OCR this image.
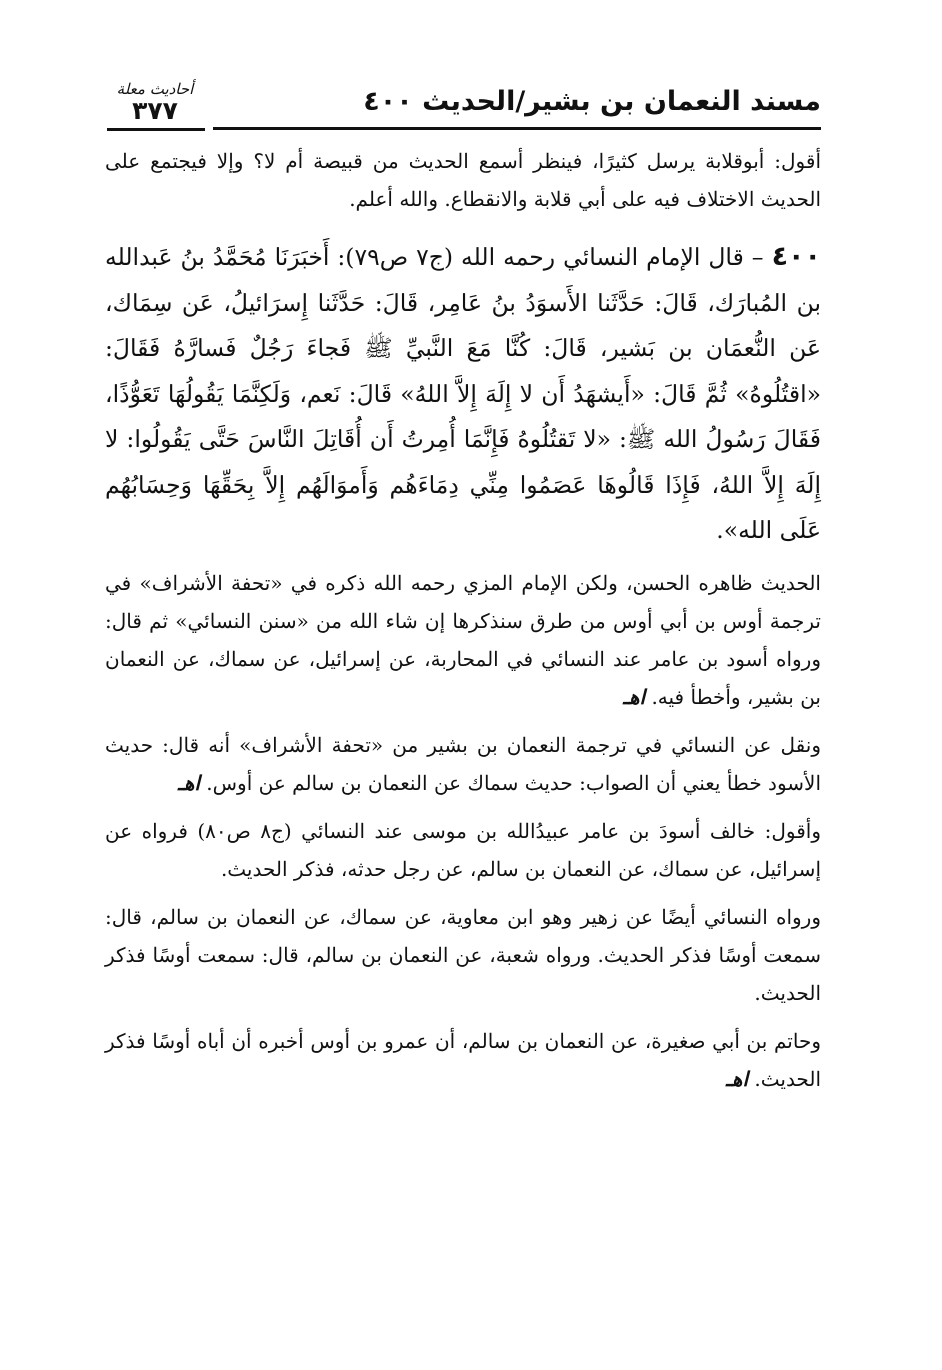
مسند النعمان بن بشير/الحديث ٤٠٠
أحاديث معلة
٣٧٧

أقول: أبوقلابة يرسل كثيرًا، فينظر أسمع الحديث من قبيصة أم لا؟ وإلا فيجتمع على الحديث الاختلاف فيه على أبي قلابة والانقطاع. والله أعلم.

٤٠٠– قال الإمام النسائي رحمه الله (ج٧ ص٧٩): أَخبَرَنَا مُحَمَّدُ بنُ عَبدالله بن المُبارَك، قَالَ: حَدَّثَنا الأَسوَدُ بنُ عَامِر، قَالَ: حَدَّثَنا إِسرَائيلُ، عَن سِمَاك، عَن النُّعمَان بن بَشير، قَالَ: كُنَّا مَعَ النَّبيِّ ﷺ فَجاءَ رَجُلٌ فَسارَّهُ فَقَالَ: «اقتُلُوهُ» ثُمَّ قَالَ: «أَيشهَدُ أَن لا إِلَهَ إِلاَّ اللهُ» قَالَ: نَعم، وَلَكِنَّمَا يَقُولُهَا تَعَوُّذًا، فَقَالَ رَسُولُ الله ﷺ: «لا تَقتُلُوهُ فَإِنَّمَا أُمِرتُ أَن أُقَاتِلَ النَّاسَ حَتَّى يَقُولُوا: لا إِلَهَ إِلاَّ اللهُ، فَإِذَا قَالُوهَا عَصَمُوا مِنِّي دِمَاءَهُم وَأَموَالَهُم إِلاَّ بِحَقِّهَا وَحِسَابُهُم عَلَى الله».

الحديث ظاهره الحسن، ولكن الإمام المزي رحمه الله ذكره في «تحفة الأشراف» في ترجمة أوس بن أبي أوس من طرق سنذكرها إن شاء الله من «سنن النسائي» ثم قال: ورواه أسود بن عامر عند النسائي في المحاربة، عن إسرائيل، عن سماك، عن النعمان بن بشير، وأخطأ فيه. اهـ

ونقل عن النسائي في ترجمة النعمان بن بشير من «تحفة الأشراف» أنه قال: حديث الأسود خطأ يعني أن الصواب: حديث سماك عن النعمان بن سالم عن أوس. اهـ

وأقول: خالف أسودَ بن عامر عبيدُالله بن موسى عند النسائي (ج٨ ص٨٠) فرواه عن إسرائيل، عن سماك، عن النعمان بن سالم، عن رجل حدثه، فذكر الحديث.

ورواه النسائي أيضًا عن زهير وهو ابن معاوية، عن سماك، عن النعمان بن سالم، قال: سمعت أوسًا فذكر الحديث. ورواه شعبة، عن النعمان بن سالم، قال: سمعت أوسًا فذكر الحديث.

وحاتم بن أبي صغيرة، عن النعمان بن سالم، أن عمرو بن أوس أخبره أن أباه أوسًا فذكر الحديث. اهـ
